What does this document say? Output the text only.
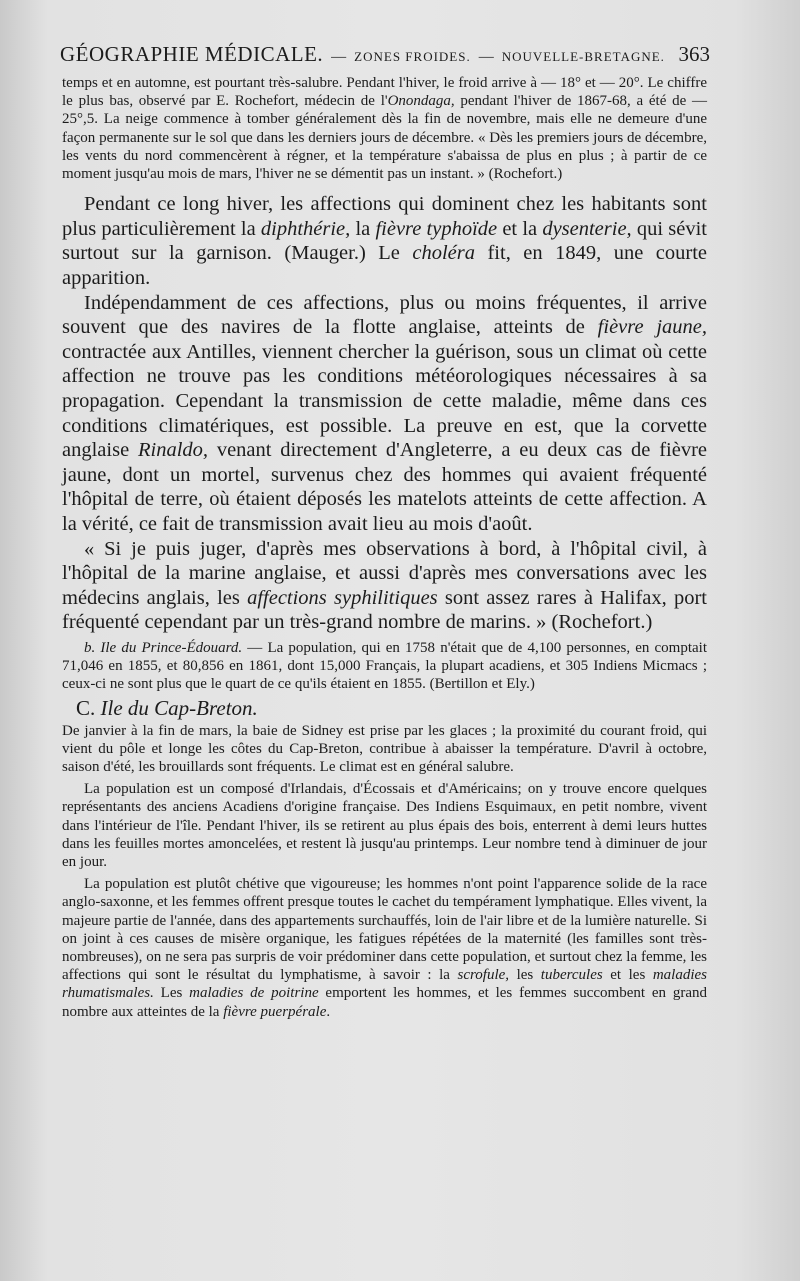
GÉOGRAPHIE MÉDICALE. — ZONES FROIDES. — NOUVELLE-BRETAGNE. 363

temps et en automne, est pourtant très-salubre. Pendant l'hiver, le froid arrive à — 18° et — 20°. Le chiffre le plus bas, observé par E. Rochefort, médecin de l'Onondaga, pendant l'hiver de 1867-68, a été de — 25°,5. La neige commence à tomber généralement dès la fin de novembre, mais elle ne demeure d'une façon permanente sur le sol que dans les derniers jours de décembre. « Dès les premiers jours de décembre, les vents du nord commencèrent à régner, et la température s'abaissa de plus en plus ; à partir de ce moment jusqu'au mois de mars, l'hiver ne se démentit pas un instant. » (Rochefort.)

Pendant ce long hiver, les affections qui dominent chez les habitants sont plus particulièrement la diphthérie, la fièvre typhoïde et la dysenterie, qui sévit surtout sur la garnison. (Mauger.) Le choléra fit, en 1849, une courte apparition.

Indépendamment de ces affections, plus ou moins fréquentes, il arrive souvent que des navires de la flotte anglaise, atteints de fièvre jaune, contractée aux Antilles, viennent chercher la guérison, sous un climat où cette affection ne trouve pas les conditions météorologiques nécessaires à sa propagation. Cependant la transmission de cette maladie, même dans ces conditions climatériques, est possible. La preuve en est, que la corvette anglaise Rinaldo, venant directement d'Angleterre, a eu deux cas de fièvre jaune, dont un mortel, survenus chez des hommes qui avaient fréquenté l'hôpital de terre, où étaient déposés les matelots atteints de cette affection. A la vérité, ce fait de transmission avait lieu au mois d'août.

« Si je puis juger, d'après mes observations à bord, à l'hôpital civil, à l'hôpital de la marine anglaise, et aussi d'après mes conversations avec les médecins anglais, les affections syphilitiques sont assez rares à Halifax, port fréquenté cependant par un très-grand nombre de marins. » (Rochefort.)

b. Ile du Prince-Édouard. — La population, qui en 1758 n'était que de 4,100 personnes, en comptait 71,046 en 1855, et 80,856 en 1861, dont 15,000 Français, la plupart acadiens, et 305 Indiens Micmacs ; ceux-ci ne sont plus que le quart de ce qu'ils étaient en 1855. (Bertillon et Ely.)

C. Ile du Cap-Breton.

De janvier à la fin de mars, la baie de Sidney est prise par les glaces ; la proximité du courant froid, qui vient du pôle et longe les côtes du Cap-Breton, contribue à abaisser la température. D'avril à octobre, saison d'été, les brouillards sont fréquents. Le climat est en général salubre.

La population est un composé d'Irlandais, d'Écossais et d'Américains; on y trouve encore quelques représentants des anciens Acadiens d'origine française. Des Indiens Esquimaux, en petit nombre, vivent dans l'intérieur de l'île. Pendant l'hiver, ils se retirent au plus épais des bois, enterrent à demi leurs huttes dans les feuilles mortes amoncelées, et restent là jusqu'au printemps. Leur nombre tend à diminuer de jour en jour.

La population est plutôt chétive que vigoureuse; les hommes n'ont point l'apparence solide de la race anglo-saxonne, et les femmes offrent presque toutes le cachet du tempérament lymphatique. Elles vivent, la majeure partie de l'année, dans des appartements surchauffés, loin de l'air libre et de la lumière naturelle. Si on joint à ces causes de misère organique, les fatigues répétées de la maternité (les familles sont très-nombreuses), on ne sera pas surpris de voir prédominer dans cette population, et surtout chez la femme, les affections qui sont le résultat du lymphatisme, à savoir : la scrofule, les tubercules et les maladies rhumatismales. Les maladies de poitrine emportent les hommes, et les femmes succombent en grand nombre aux atteintes de la fièvre puerpérale.
